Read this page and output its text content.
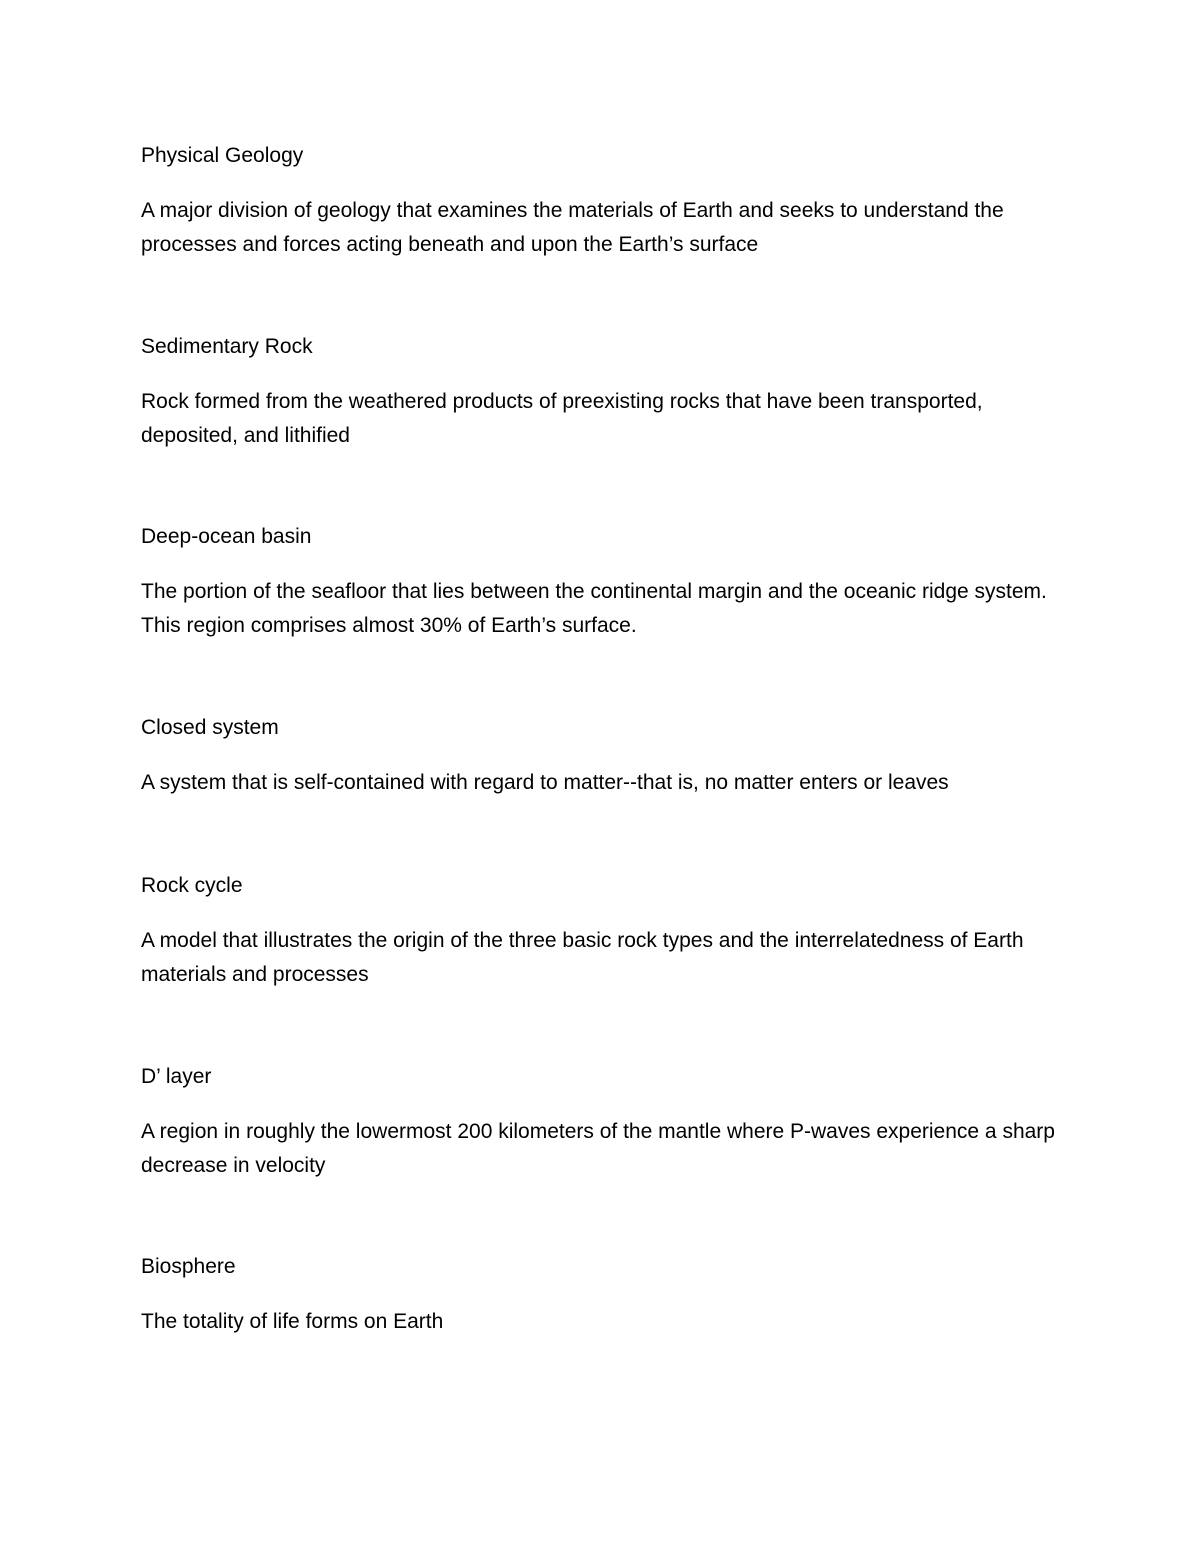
Physical Geology

A major division of geology that examines the materials of Earth and seeks to understand the processes and forces acting beneath and upon the Earth’s surface

Sedimentary Rock

Rock formed from the weathered products of preexisting rocks that have been transported, deposited, and lithified

Deep-ocean basin

The portion of the seafloor that lies between the continental margin and the oceanic ridge system. This region comprises almost 30% of Earth’s surface.

Closed system

A system that is self-contained with regard to matter--that is, no matter enters or leaves

Rock cycle

A model that illustrates the origin of the three basic rock types and the interrelatedness of Earth materials and processes

D’ layer

A region in roughly the lowermost 200 kilometers of the mantle where P-waves experience a sharp decrease in velocity

Biosphere

The totality of life forms on Earth
